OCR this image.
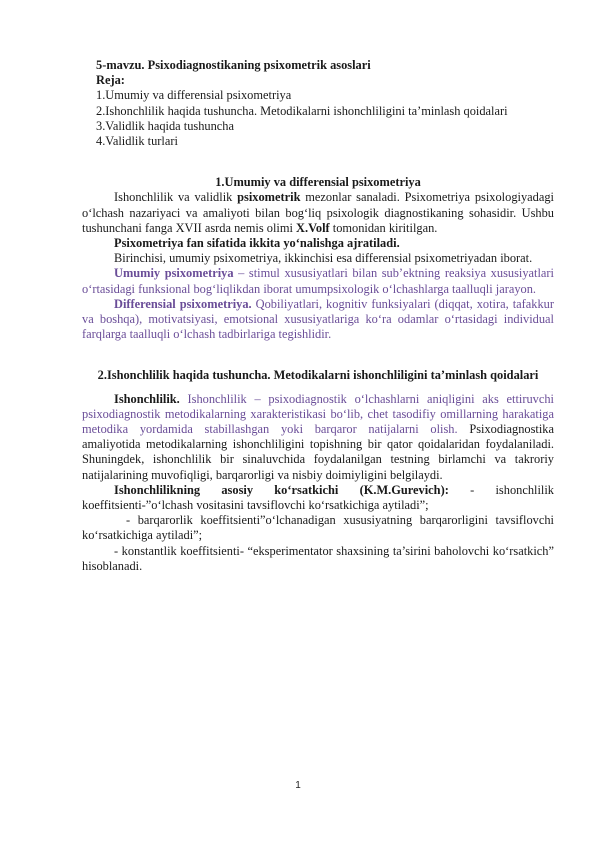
5-mavzu. Psixodiagnostikaning psixometrik asoslari

Reja:

1.Umumiy va differensial psixometriya

2.Ishonchlilik haqida tushuncha. Metodikalarni ishonchliligini ta’minlash qoidalari

3.Validlik haqida tushuncha

4.Validlik turlari

1.Umumiy va differensial psixometriya

Ishonchlilik va validlik psixometrik mezonlar sanaladi. Psixometriya psixologiyadagi o‘lchash nazariyaci va amaliyoti bilan bog‘liq psixologik diagnostikaning sohasidir. Ushbu tushunchani fanga XVII asrda nemis olimi X.Volf tomonidan kiritilgan.

Psixometriya fan sifatida ikkita yo‘nalishga ajratiladi.

Birinchisi, umumiy psixometriya, ikkinchisi esa differensial psixometriyadan iborat.

Umumiy psixometriya – stimul xususiyatlari bilan sub’ektning reaksiya xususiyatlari o‘rtasidagi funksional bog‘liqlikdan iborat umumpsixologik o‘lchashlarga taalluqli jarayon.

Differensial psixometriya. Qobiliyatlari, kognitiv funksiyalari (diqqat, xotira, tafakkur va boshqa), motivatsiyasi, emotsional xususiyatlariga ko‘ra odamlar o‘rtasidagi individual farqlarga taalluqli o‘lchash tadbirlariga tegishlidir.

2.Ishonchlilik haqida tushuncha. Metodikalarni ishonchliligini ta’minlash qoidalari

Ishonchlilik. Ishonchlilik – psixodiagnostik o‘lchashlarni aniqligini aks ettiruvchi psixodiagnostik metodikalarning xarakteristikasi bo‘lib, chet tasodifiy omillarning harakatiga metodika yordamida stabillashgan yoki barqaror natijalarni olish. Psixodiagnostika amaliyotida metodikalarning ishonchliligini topishning bir qator qoidalaridan foydalaniladi. Shuningdek, ishonchlilik bir sinaluvchida foydalanilgan testning birlamchi va takroriy natijalarining muvofiqligi, barqarorligi va nisbiy doimiyligini belgilaydi.

Ishonchlilikning asosiy ko‘rsatkichi (K.M.Gurevich): - ishonchlilik koeffitsienti-”o‘lchash vositasini tavsiflovchi ko‘rsatkichiga aytiladi”;

- barqarorlik koeffitsienti”o‘lchanadigan xususiyatning barqarorligini tavsiflovchi ko‘rsatkichiga aytiladi”;

- konstantlik koeffitsienti- “eksperimentator shaxsining ta’sirini baholovchi ko‘rsatkich” hisoblanadi.

1
